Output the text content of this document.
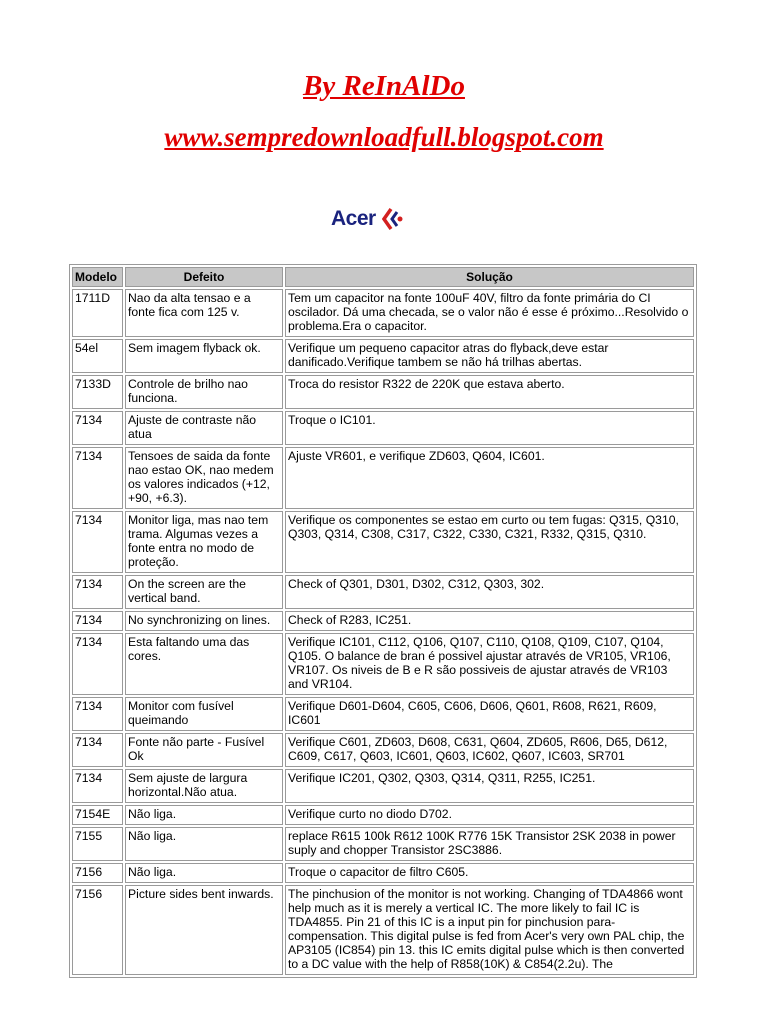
By ReInAlDo
www.sempredownloadfull.blogspot.com
Acer
Modelo	Defeito	Solução
1711D	Nao da alta tensao e a fonte fica com 125 v.	Tem um capacitor na fonte 100uF 40V, filtro da fonte primária do CI oscilador. Dá uma checada, se o valor não é esse é próximo...Resolvido o problema.Era o capacitor.
54el	Sem imagem flyback ok.	Verifique um pequeno capacitor atras do flyback,deve estar danificado.Verifique tambem se não há trilhas abertas.
7133D	Controle de brilho nao funciona.	Troca do resistor R322 de 220K que estava aberto.
7134	Ajuste de contraste não atua	Troque o IC101.
7134	Tensoes de saida da fonte nao estao OK, nao medem os valores indicados (+12, +90, +6.3).	Ajuste VR601, e verifique ZD603, Q604, IC601.
7134	Monitor liga, mas nao tem trama. Algumas vezes a fonte entra no modo de proteção.	Verifique os componentes se estao em curto ou tem fugas: Q315, Q310, Q303, Q314, C308, C317, C322, C330, C321, R332, Q315, Q310.
7134	On the screen are the vertical band.	Check of Q301, D301, D302, C312, Q303, 302.
7134	No synchronizing on lines.	Check of R283, IC251.
7134	Esta faltando uma das cores.	Verifique IC101, C112, Q106, Q107, C110, Q108, Q109, C107, Q104, Q105. O balance de bran é possivel ajustar através de VR105, VR106, VR107. Os niveis de B e R são possiveis de ajustar através de VR103 and VR104.
7134	Monitor com fusível queimando	Verifique D601-D604, C605, C606, D606, Q601, R608, R621, R609, IC601
7134	Fonte não parte - Fusível Ok	Verifique C601, ZD603, D608, C631, Q604, ZD605, R606, D65, D612, C609, C617, Q603, IC601, Q603, IC602, Q607, IC603, SR701
7134	Sem ajuste de largura horizontal.Não atua.	Verifique IC201, Q302, Q303, Q314, Q311, R255, IC251.
7154E	Não liga.	Verifique curto no diodo D702.
7155	Não liga.	replace R615 100k R612 100K R776 15K Transistor 2SK 2038 in power suply and chopper Transistor 2SC3886.
7156	Não liga.	Troque o capacitor de filtro C605.
7156	Picture sides bent inwards.	The pinchusion of the monitor is not working. Changing of TDA4866 wont help much as it is merely a vertical IC. The more likely to fail IC is TDA4855. Pin 21 of this IC is a input pin for pinchusion para-compensation. This digital pulse is fed from Acer's very own PAL chip, the AP3105 (IC854) pin 13. this IC emits digital pulse which is then converted to a DC value with the help of R858(10K) & C854(2.2u). The
